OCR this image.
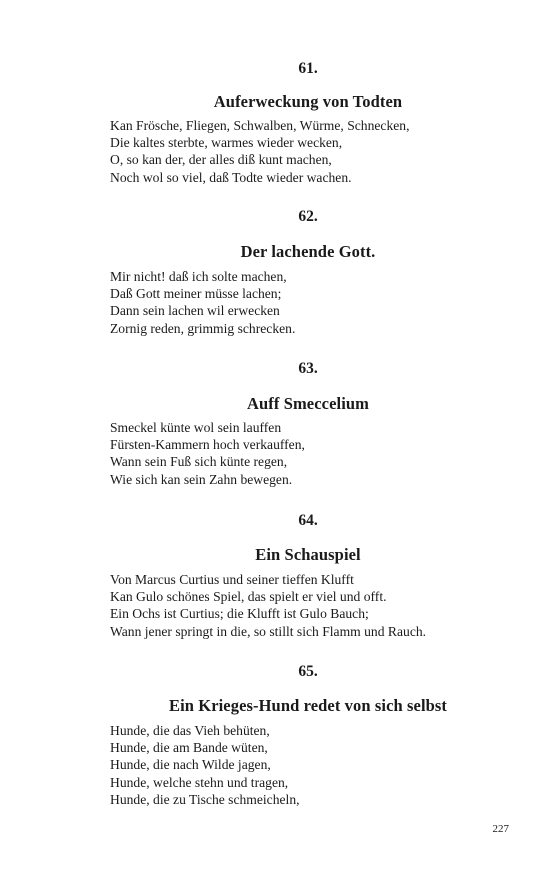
61.
Auferweckung von Todten
Kan Frösche, Fliegen, Schwalben, Würme, Schnecken,
Die kaltes sterbte, warmes wieder wecken,
O, so kan der, der alles diß kunt machen,
Noch wol so viel, daß Todte wieder wachen.
62.
Der lachende Gott.
Mir nicht! daß ich solte machen,
Daß Gott meiner müsse lachen;
Dann sein lachen wil erwecken
Zornig reden, grimmig schrecken.
63.
Auff Smeccelium
Smeckel künte wol sein lauffen
Fürsten-Kammern hoch verkauffen,
Wann sein Fuß sich künte regen,
Wie sich kan sein Zahn bewegen.
64.
Ein Schauspiel
Von Marcus Curtius und seiner tieffen Klufft
Kan Gulo schönes Spiel, das spielt er viel und offt.
Ein Ochs ist Curtius; die Klufft ist Gulo Bauch;
Wann jener springt in die, so stillt sich Flamm und Rauch.
65.
Ein Krieges-Hund redet von sich selbst
Hunde, die das Vieh behüten,
Hunde, die am Bande wüten,
Hunde, die nach Wilde jagen,
Hunde, welche stehn und tragen,
Hunde, die zu Tische schmeicheln,
227
